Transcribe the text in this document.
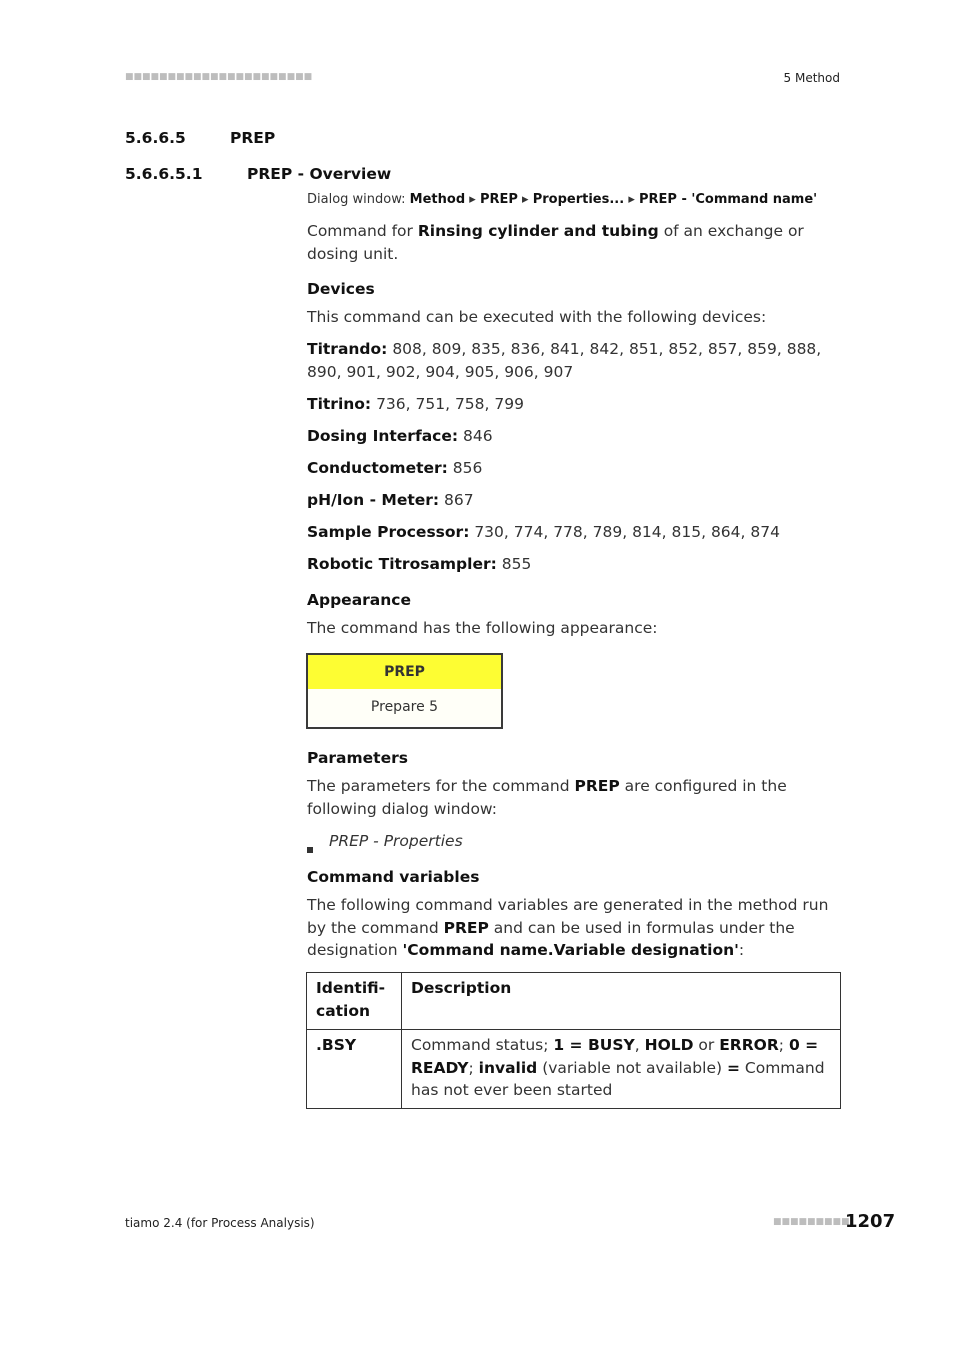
■■■■■■■■■■■■■■■■■■■■■■	5 Method
5.6.6.5	PREP
5.6.6.5.1	PREP - Overview
Dialog window: Method ▸ PREP ▸ Properties... ▸ PREP - 'Command name'
Command for Rinsing cylinder and tubing of an exchange or dosing unit.
Devices
This command can be executed with the following devices:
Titrando: 808, 809, 835, 836, 841, 842, 851, 852, 857, 859, 888, 890, 901, 902, 904, 905, 906, 907
Titrino: 736, 751, 758, 799
Dosing Interface: 846
Conductometer: 856
pH/Ion - Meter: 867
Sample Processor: 730, 774, 778, 789, 814, 815, 864, 874
Robotic Titrosampler: 855
Appearance
The command has the following appearance:
PREP
Prepare 5
Parameters
The parameters for the command PREP are configured in the following dialog window:
PREP - Properties
Command variables
The following command variables are generated in the method run by the command PREP and can be used in formulas under the designation 'Command name.Variable designation':
Identifi-cation	Description
.BSY	Command status; 1 = BUSY, HOLD or ERROR; 0 = READY; invalid (variable not available) = Command has not ever been started
tiamo 2.4 (for Process Analysis)	■■■■■■■■■
1207
